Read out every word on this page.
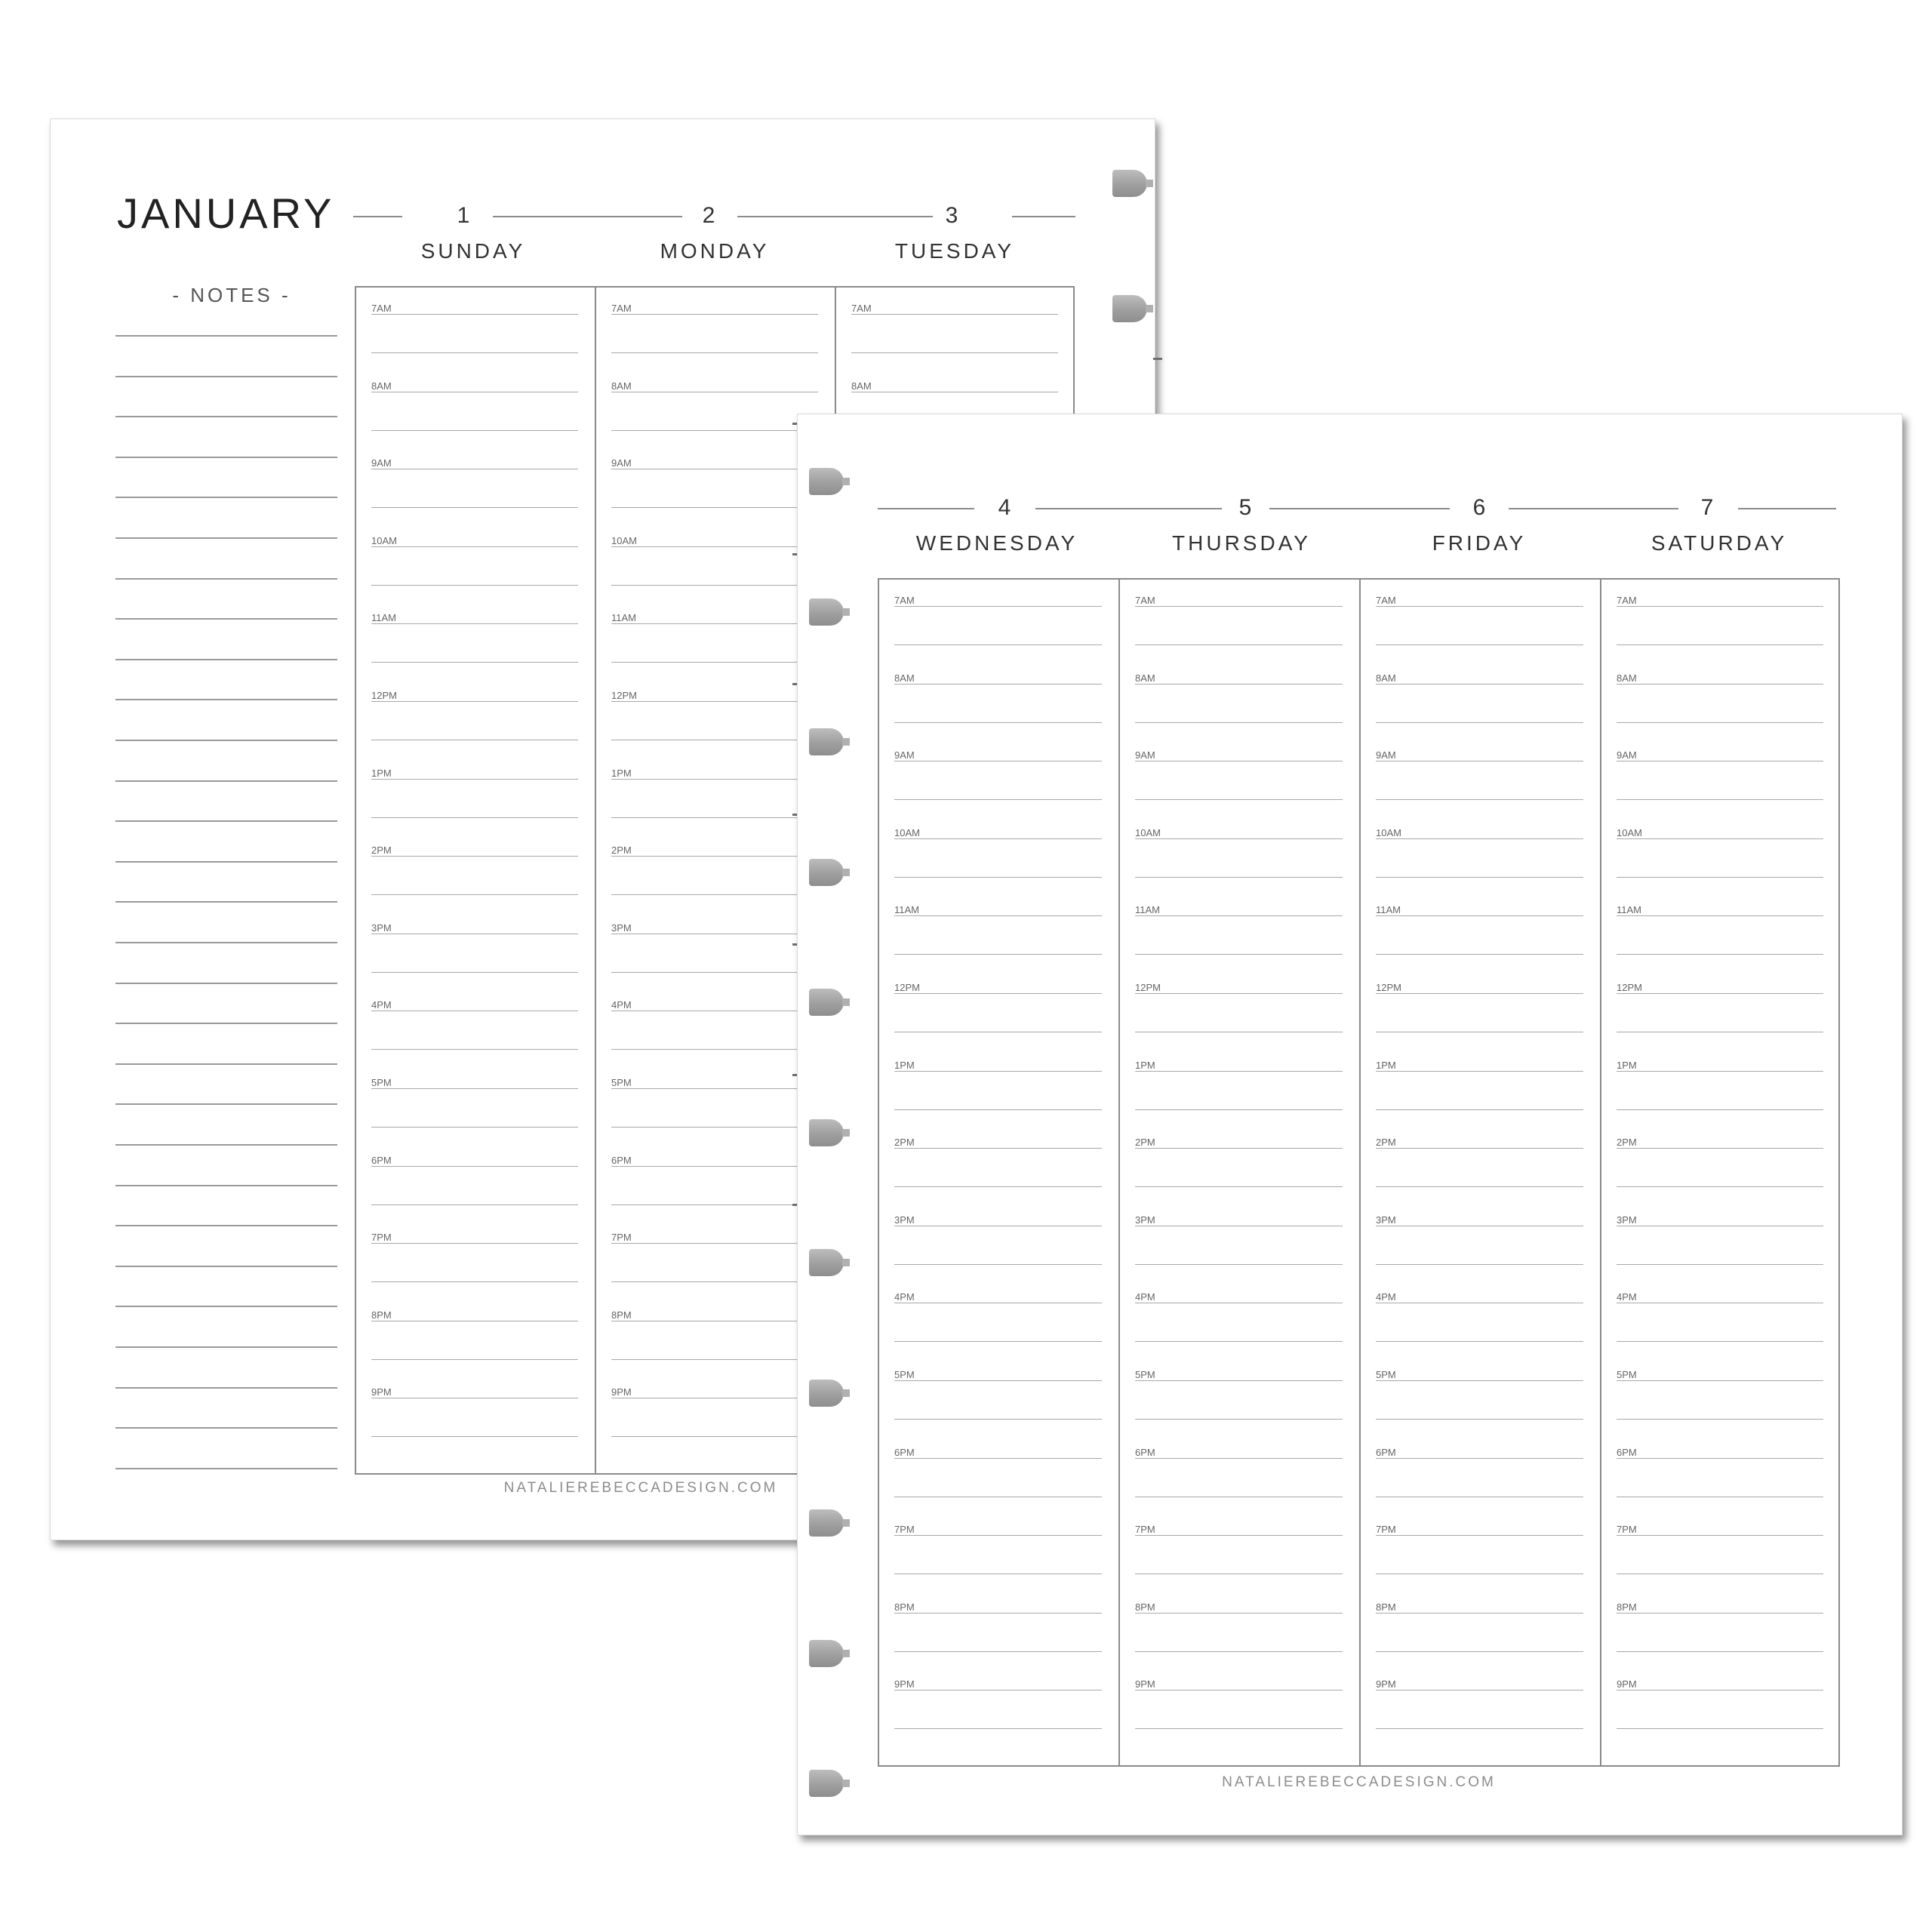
JANUARY
- NOTES -
1
SUNDAY
2
MONDAY
3
TUESDAY
7AM
8AM
9AM
10AM
11AM
12PM
1PM
2PM
3PM
4PM
5PM
6PM
7PM
8PM
9PM
7AM
8AM
9AM
10AM
11AM
12PM
1PM
2PM
3PM
4PM
5PM
6PM
7PM
8PM
9PM
7AM
8AM
NATALIEREBECCADESIGN.COM
4
WEDNESDAY
5
THURSDAY
6
FRIDAY
7
SATURDAY
7AM
8AM
9AM
10AM
11AM
12PM
1PM
2PM
3PM
4PM
5PM
6PM
7PM
8PM
9PM
7AM
8AM
9AM
10AM
11AM
12PM
1PM
2PM
3PM
4PM
5PM
6PM
7PM
8PM
9PM
7AM
8AM
9AM
10AM
11AM
12PM
1PM
2PM
3PM
4PM
5PM
6PM
7PM
8PM
9PM
7AM
8AM
9AM
10AM
11AM
12PM
1PM
2PM
3PM
4PM
5PM
6PM
7PM
8PM
9PM
NATALIEREBECCADESIGN.COM
